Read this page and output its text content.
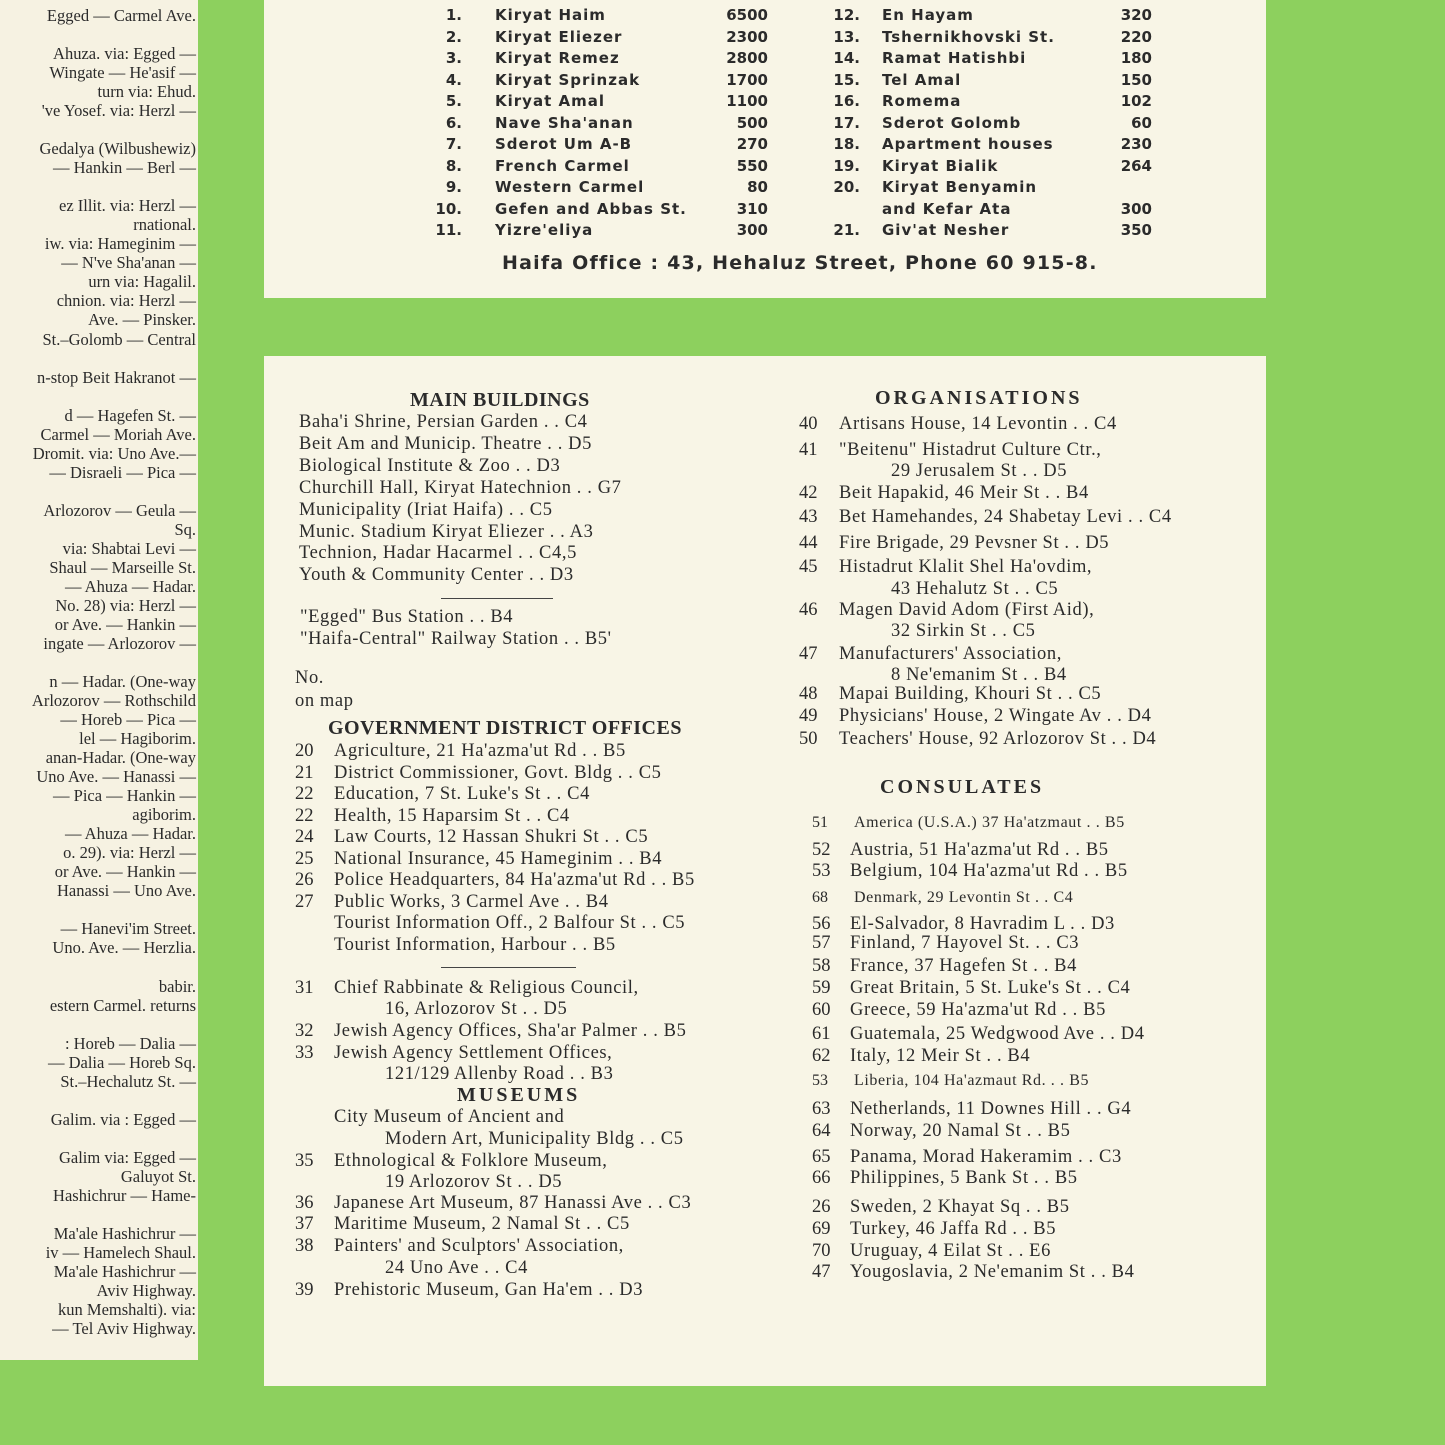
Haifa Office : 43, Hehaluz Street, Phone 60 915-8.
MAIN BUILDINGS
No.
on map
GOVERNMENT DISTRICT OFFICES
MUSEUMS
ORGANISATIONS
CONSULATES
Egged — Carmel Ave.
Ahuza. via: Egged —
Wingate — He'asif —
turn via: Ehud.
've Yosef. via: Herzl —
Gedalya (Wilbushewiz)
— Hankin — Berl —
ez Illit. via: Herzl —
rnational.
iw. via: Hameginim —
— N've Sha'anan —
urn via: Hagalil.
chnion. via: Herzl —
Ave. — Pinsker.
St.–Golomb — Central
n-stop Beit Hakranot —
d — Hagefen St. —
Carmel — Moriah Ave.
Dromit. via: Uno Ave.—
— Disraeli — Pica —
Arlozorov — Geula —
Sq.
via: Shabtai Levi —
Shaul — Marseille St.
— Ahuza — Hadar.
No. 28) via: Herzl —
or Ave. — Hankin —
ingate — Arlozorov —
n — Hadar. (One-way
Arlozorov — Rothschild
— Horeb — Pica —
lel — Hagiborim.
anan-Hadar. (One-way
Uno Ave. — Hanassi —
— Pica — Hankin —
agiborim.
— Ahuza — Hadar.
o. 29). via: Herzl —
or Ave. — Hankin —
Hanassi — Uno Ave.
— Hanevi'im Street.
Uno. Ave. — Herzlia.
babir.
estern Carmel. returns
: Horeb — Dalia —
— Dalia — Horeb Sq.
St.–Hechalutz St. —
Galim. via : Egged —
Galim via: Egged —
Galuyot St.
Hashichrur — Hame-
Ma'ale Hashichrur —
iv — Hamelech Shaul.
Ma'ale Hashichrur —
Aviv Highway.
kun Memshalti). via:
— Tel Aviv Highway.
1. Kiryat Haim	6500
2. Kiryat Eliezer	2300
3. Kiryat Remez	2800
4. Kiryat Sprinzak	1700
5. Kiryat Amal	1100
6. Nave Sha'anan	500
7. Sderot Um A-B	270
8. French Carmel	550
9. Western Carmel	80
10. Gefen and Abbas St.	310
11. Yizre'eliya	300
12. En Hayam	320
13. Tshernikhovski St.	220
14. Ramat Hatishbi	180
15. Tel Amal	150
16. Romema	102
17. Sderot Golomb	60
18. Apartment houses	230
19. Kiryat Bialik	264
20. Kiryat Benyamin
and Kefar Ata	300
21. Giv'at Nesher	350
Baha'i Shrine, Persian Garden . . C4
Beit Am and Municip. Theatre . . D5
Biological Institute & Zoo . . D3
Churchill Hall, Kiryat Hatechnion . . G7
Municipality (Iriat Haifa) . . C5
Munic. Stadium Kiryat Eliezer . . A3
Technion, Hadar Hacarmel . . C4,5
Youth & Community Center . . D3
"Egged" Bus Station . . B4
"Haifa-Central" Railway Station . . B5'
20 Agriculture, 21 Ha'azma'ut Rd . . B5
21 District Commissioner, Govt. Bldg . . C5
22 Education, 7 St. Luke's St . . C4
22 Health, 15 Haparsim St . . C4
24 Law Courts, 12 Hassan Shukri St . . C5
25 National Insurance, 45 Hameginim . . B4
26 Police Headquarters, 84 Ha'azma'ut Rd . . B5
27 Public Works, 3 Carmel Ave . . B4
Tourist Information Off., 2 Balfour St . . C5
Tourist Information, Harbour . . B5
31 Chief Rabbinate & Religious Council,
16, Arlozorov St . . D5
32 Jewish Agency Offices, Sha'ar Palmer . . B5
33 Jewish Agency Settlement Offices,
121/129 Allenby Road . . B3
City Museum of Ancient and
Modern Art, Municipality Bldg . . C5
35 Ethnological & Folklore Museum,
19 Arlozorov St . . D5
36 Japanese Art Museum, 87 Hanassi Ave . . C3
37 Maritime Museum, 2 Namal St . . C5
38 Painters' and Sculptors' Association,
24 Uno Ave . . C4
39 Prehistoric Museum, Gan Ha'em . . D3
40 Artisans House, 14 Levontin . . C4
41 "Beitenu" Histadrut Culture Ctr.,
29 Jerusalem St . . D5
42 Beit Hapakid, 46 Meir St . . B4
43 Bet Hamehandes, 24 Shabetay Levi . . C4
44 Fire Brigade, 29 Pevsner St . . D5
45 Histadrut Klalit Shel Ha'ovdim,
43 Hehalutz St . . C5
46 Magen David Adom (First Aid),
32 Sirkin St . . C5
47 Manufacturers' Association,
8 Ne'emanim St . . B4
48 Mapai Building, Khouri St . . C5
49 Physicians' House, 2 Wingate Av . . D4
50 Teachers' House, 92 Arlozorov St . . D4
51 America (U.S.A.) 37 Ha'atzmaut . . B5
52 Austria, 51 Ha'azma'ut Rd . . B5
53 Belgium, 104 Ha'azma'ut Rd . . B5
68 Denmark, 29 Levontin St . . C4
56 El-Salvador, 8 Havradim L . . D3
57 Finland, 7 Hayovel St. . . C3
58 France, 37 Hagefen St . . B4
59 Great Britain, 5 St. Luke's St . . C4
60 Greece, 59 Ha'azma'ut Rd . . B5
61 Guatemala, 25 Wedgwood Ave . . D4
62 Italy, 12 Meir St . . B4
53 Liberia, 104 Ha'azmaut Rd. . . B5
63 Netherlands, 11 Downes Hill . . G4
64 Norway, 20 Namal St . . B5
65 Panama, Morad Hakeramim . . C3
66 Philippines, 5 Bank St . . B5
26 Sweden, 2 Khayat Sq . . B5
69 Turkey, 46 Jaffa Rd . . B5
70 Uruguay, 4 Eilat St . . E6
47 Yougoslavia, 2 Ne'emanim St . . B4
